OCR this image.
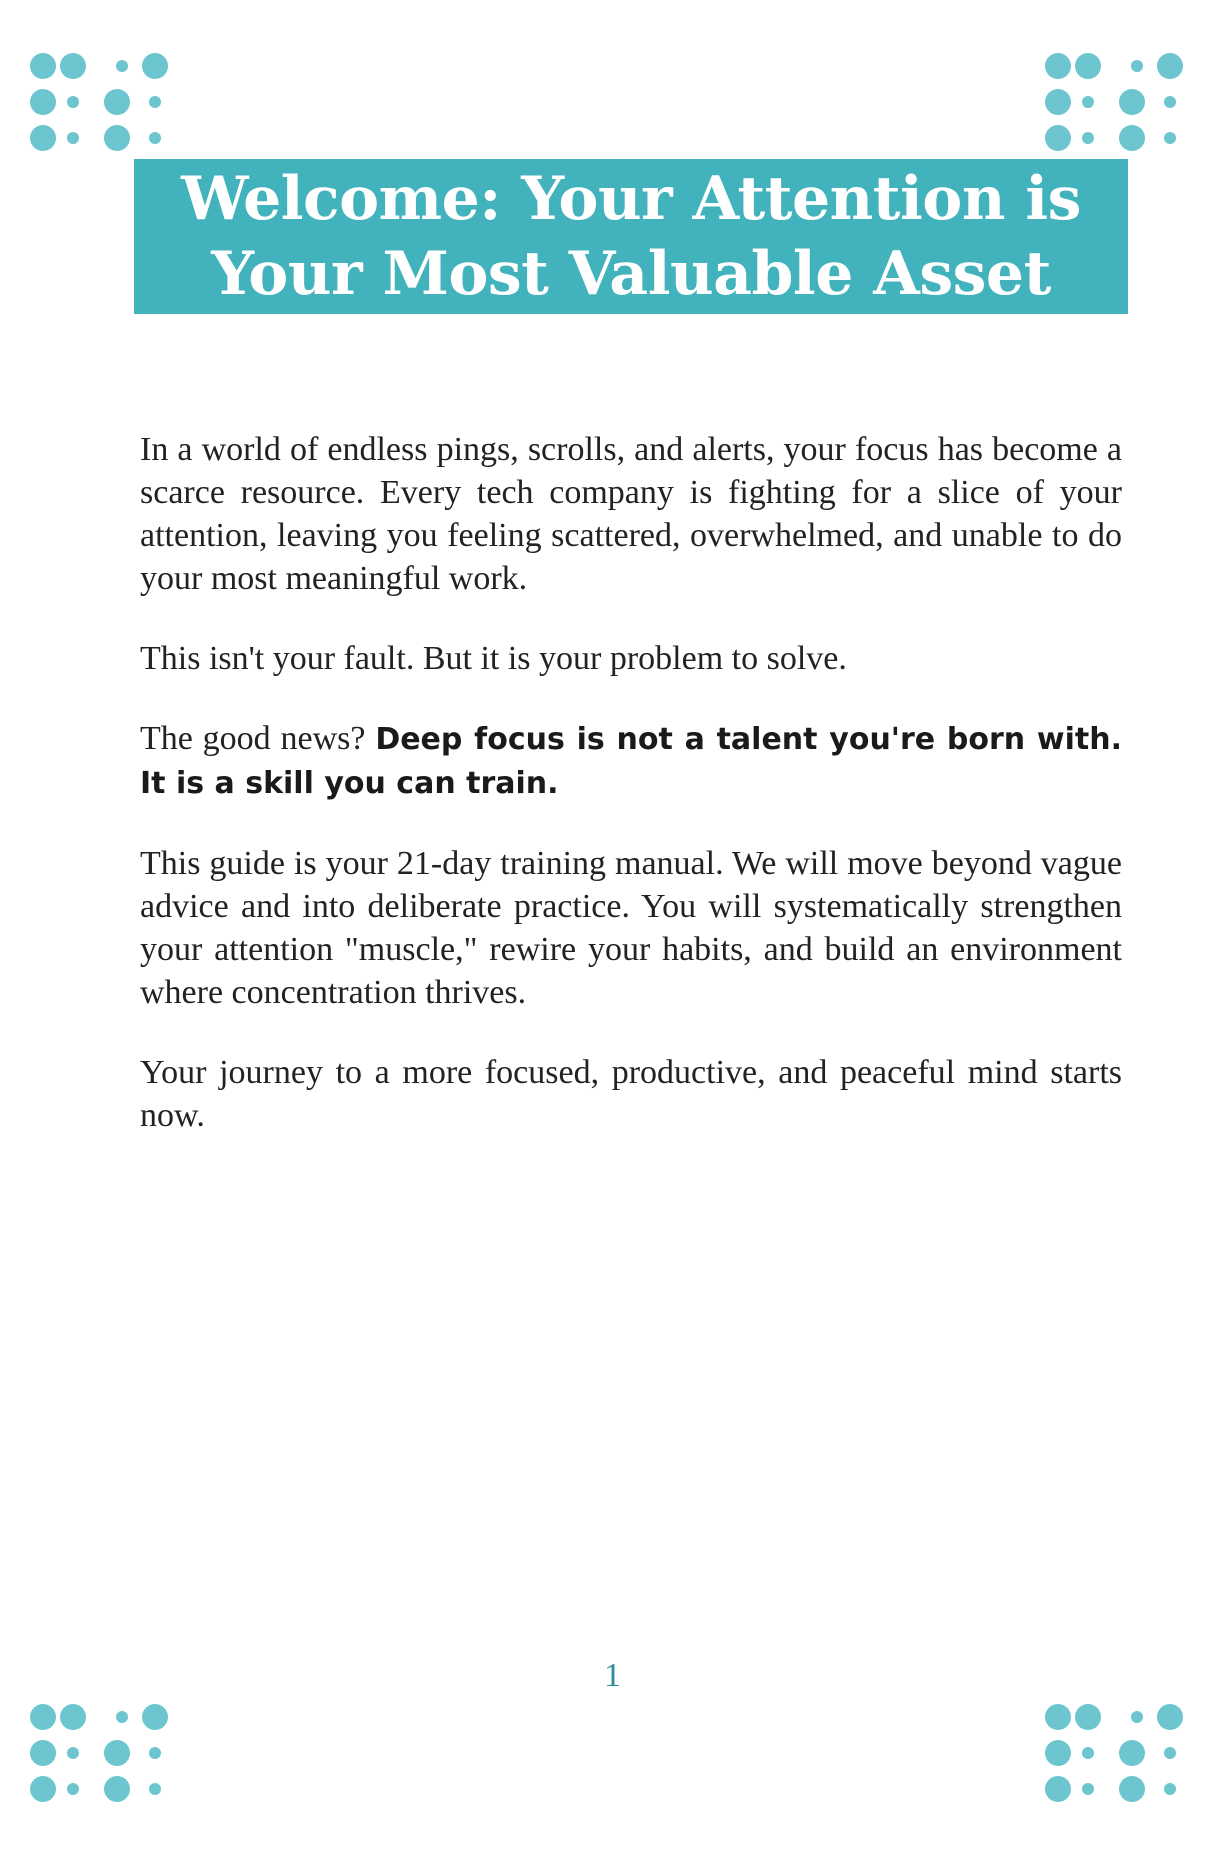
Welcome: Your Attention is
Your Most Valuable Asset

In a world of endless pings, scrolls, and alerts, your focus has become a scarce resource. Every tech company is fighting for a slice of your attention, leaving you feeling scattered, overwhelmed, and unable to do your most meaningful work.

This isn't your fault. But it is your problem to solve.

The good news? Deep focus is not a talent you're born with. It is a skill you can train.

This guide is your 21-day training manual. We will move beyond vague advice and into deliberate practice. You will systematically strengthen your attention "muscle," rewire your habits, and build an environment where concentration thrives.

Your journey to a more focused, productive, and peaceful mind starts now.

1
